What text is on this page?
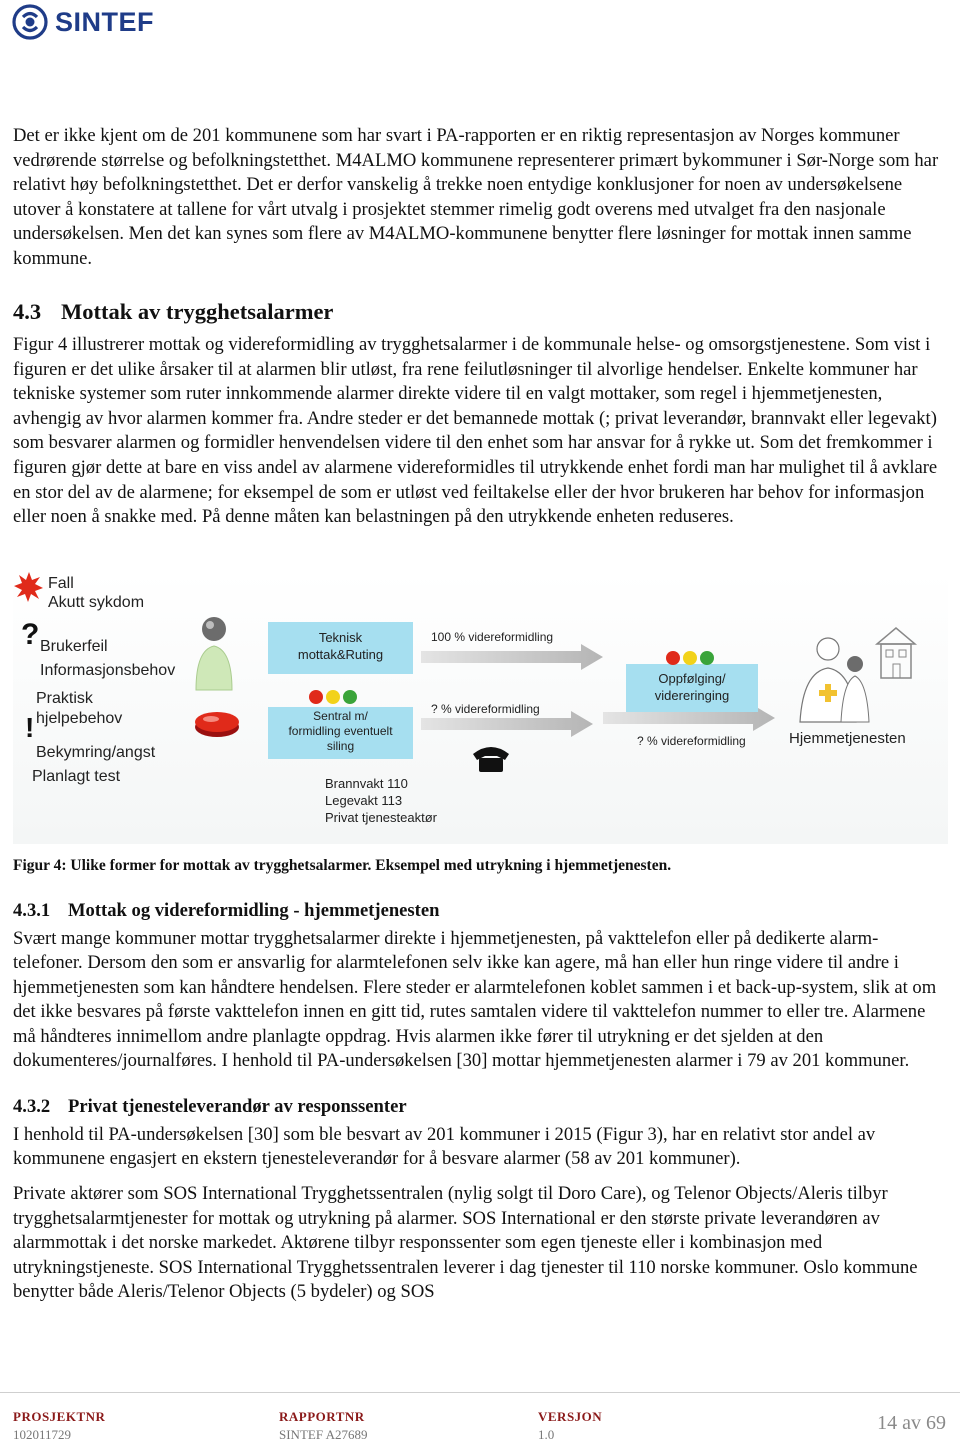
SINTEF

Det er ikke kjent om de 201 kommunene som har svart i PA-rapporten er en riktig representasjon av Norges kommuner vedrørende størrelse og befolkningstetthet. M4ALMO kommunene representerer primært bykommuner i Sør-Norge som har relativt høy befolkningstetthet. Det er derfor vanskelig å trekke noen entydige konklusjoner for noen av undersøkelsene utover å konstatere at tallene for vårt utvalg i prosjektet stemmer rimelig godt overens med utvalget fra den nasjonale undersøkelsen. Men det kan synes som flere av M4ALMO-kommunene benytter flere løsninger for mottak innen samme kommune.

4.3 Mottak av trygghetsalarmer

Figur 4 illustrerer mottak og videreformidling av trygghetsalarmer i de kommunale helse- og omsorgstjenestene. Som vist i figuren er det ulike årsaker til at alarmen blir utløst, fra rene feilutløsninger til alvorlige hendelser. Enkelte kommuner har tekniske systemer som ruter innkommende alarmer direkte videre til en valgt mottaker, som regel i hjemmetjenesten, avhengig av hvor alarmen kommer fra. Andre steder er det bemannede mottak (; privat leverandør, brannvakt eller legevakt) som besvarer alarmen og formidler henvendelsen videre til den enhet som har ansvar for å rykke ut. Som det fremkommer i figuren gjør dette at bare en viss andel av alarmene videreformidles til utrykkende enhet fordi man har mulighet til å avklare en stor del av de alarmene; for eksempel de som er utløst ved feiltakelse eller der hvor brukeren har behov for informasjon eller noen å snakke med. På denne måten kan belastningen på den utrykkende enheten reduseres.

?
!
Fall
Akutt sykdom
Brukerfeil
Informasjonsbehov
Praktisk
hjelpebehov
Bekymring/angst
Planlagt test
Teknisk
mottak&Ruting
Sentral m/
formidling eventuelt
siling
Oppfølging/
videreringing
100 % videreformidling
? % videreformidling
? % videreformidling
Brannvakt 110
Legevakt 113
Privat tjenesteaktør
Hjemmetjenesten
Figur 4: Ulike former for mottak av trygghetsalarmer. Eksempel med utrykning i hjemmetjenesten.
4.3.1 Mottak og videreformidling - hjemmetjenesten

Svært mange kommuner mottar trygghetsalarmer direkte i hjemmetjenesten, på vakttelefon eller på dedikerte alarm-telefoner. Dersom den som er ansvarlig for alarmtelefonen selv ikke kan agere, må han eller hun ringe videre til andre i hjemmetjenesten som kan håndtere hendelsen. Flere steder er alarmtelefonen koblet sammen i et back-up-system, slik at om det ikke besvares på første vakttelefon innen en gitt tid, rutes samtalen videre til vakttelefon nummer to eller tre. Alarmene må håndteres innimellom andre planlagte oppdrag. Hvis alarmen ikke fører til utrykning er det sjelden at den dokumenteres/journalføres. I henhold til PA-undersøkelsen [30] mottar hjemmetjenesten alarmer i 79 av 201 kommuner.

4.3.2 Privat tjenesteleverandør av responssenter

I henhold til PA-undersøkelsen [30] som ble besvart av 201 kommuner i 2015 (Figur 3), har en relativt stor andel av kommunene engasjert en ekstern tjenesteleverandør for å besvare alarmer (58 av 201 kommuner).

Private aktører som SOS International Trygghetssentralen (nylig solgt til Doro Care), og Telenor Objects/Aleris tilbyr trygghetsalarmtjenester for mottak og utrykning på alarmer. SOS International er den største private leverandøren av alarmmottak i det norske markedet. Aktørene tilbyr responssenter som egen tjeneste eller i kombinasjon med utrykningstjeneste. SOS International Trygghetssentralen leverer i dag tjenester til 110 norske kommuner. Oslo kommune benytter både Aleris/Telenor Objects (5 bydeler) og SOS

PROSJEKTNR
102011729
RAPPORTNR
SINTEF A27689
VERSJON
1.0
14 av 69
